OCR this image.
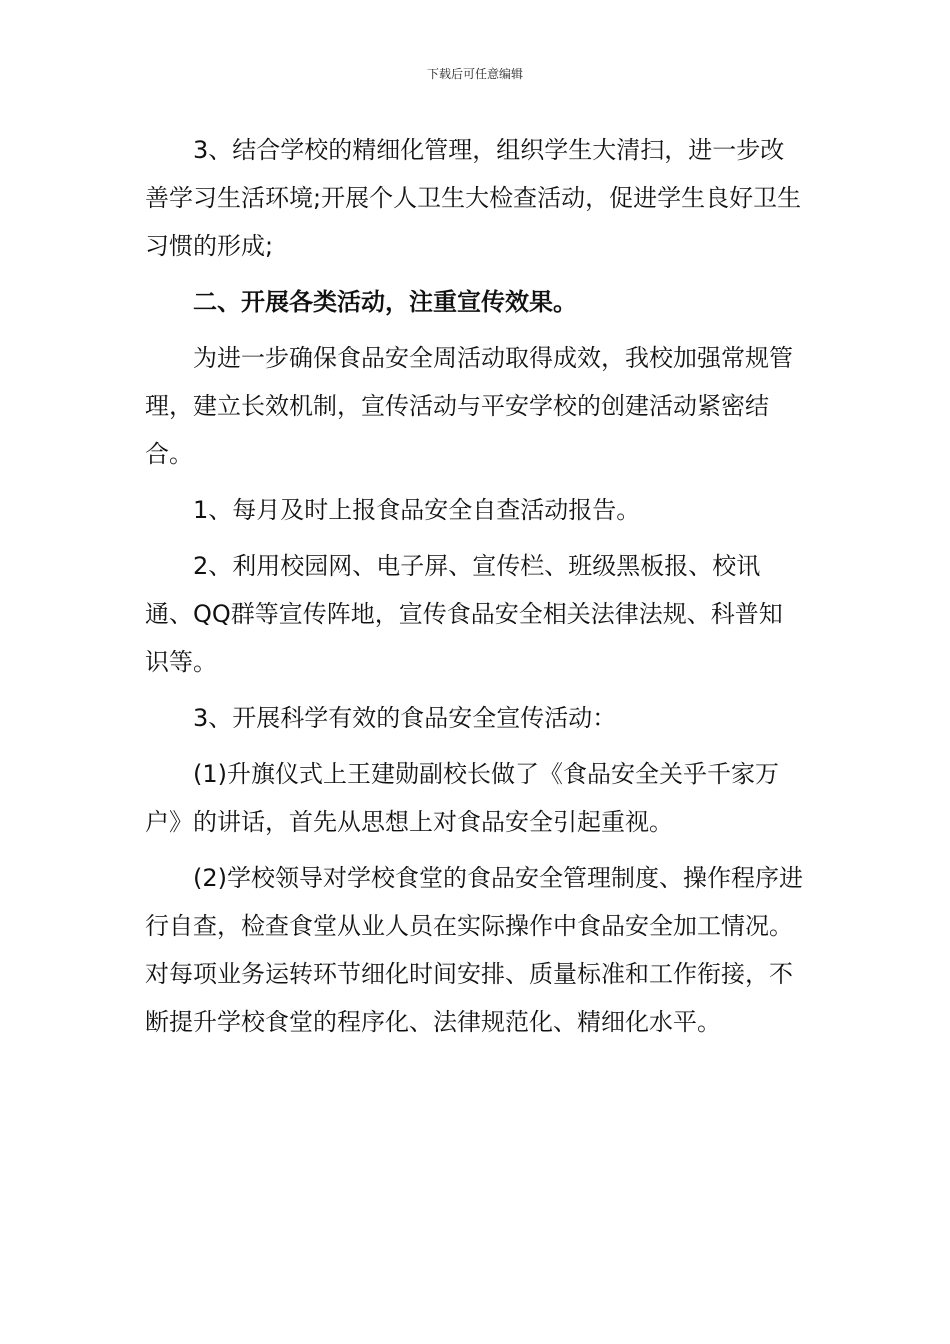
下载后可任意编辑

3、结合学校的精细化管理，组织学生大清扫，进一步改善学习生活环境;开展个人卫生大检查活动，促进学生良好卫生习惯的形成;

二、开展各类活动，注重宣传效果。

为进一步确保食品安全周活动取得成效，我校加强常规管理，建立长效机制，宣传活动与平安学校的创建活动紧密结合。

1、每月及时上报食品安全自查活动报告。

2、利用校园网、电子屏、宣传栏、班级黑板报、校讯通、QQ群等宣传阵地，宣传食品安全相关法律法规、科普知识等。

3、开展科学有效的食品安全宣传活动：

(1)升旗仪式上王建勋副校长做了《食品安全关乎千家万户》的讲话，首先从思想上对食品安全引起重视。

(2)学校领导对学校食堂的食品安全管理制度、操作程序进行自查，检查食堂从业人员在实际操作中食品安全加工情况。对每项业务运转环节细化时间安排、质量标准和工作衔接，不断提升学校食堂的程序化、法律规范化、精细化水平。
